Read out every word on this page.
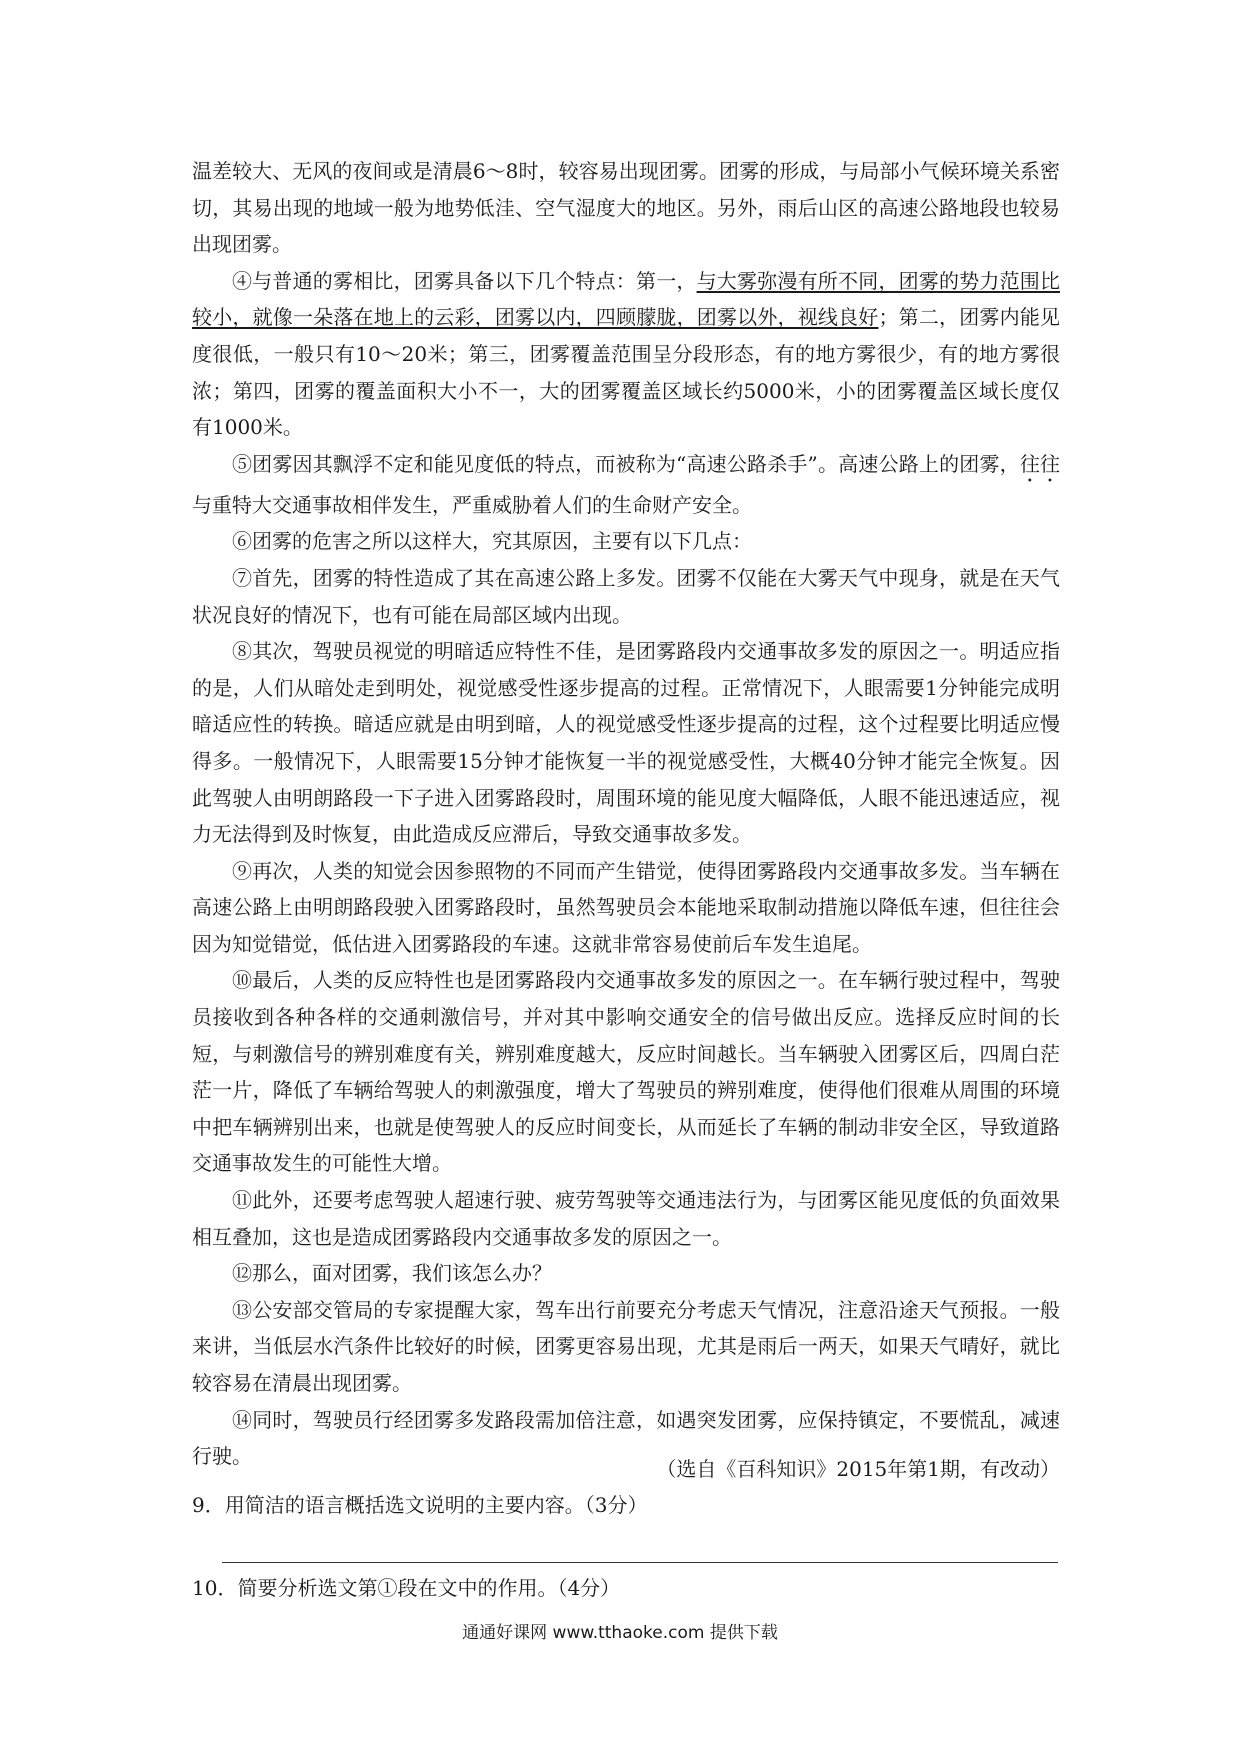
温差较大、无风的夜间或是清晨6～8时，较容易出现团雾。团雾的形成，与局部小气候环境关系密切，其易出现的地域一般为地势低洼、空气湿度大的地区。另外，雨后山区的高速公路地段也较易出现团雾。

④与普通的雾相比，团雾具备以下几个特点：第一，与大雾弥漫有所不同，团雾的势力范围比较小，就像一朵落在地上的云彩，团雾以内，四顾朦胧，团雾以外，视线良好；第二，团雾内能见度很低，一般只有10～20米；第三，团雾覆盖范围呈分段形态，有的地方雾很少，有的地方雾很浓；第四，团雾的覆盖面积大小不一，大的团雾覆盖区域长约5000米，小的团雾覆盖区域长度仅有1000米。

⑤团雾因其飘浮不定和能见度低的特点，而被称为“高速公路杀手”。高速公路上的团雾，往往与重特大交通事故相伴发生，严重威胁着人们的生命财产安全。

⑥团雾的危害之所以这样大，究其原因，主要有以下几点：

⑦首先，团雾的特性造成了其在高速公路上多发。团雾不仅能在大雾天气中现身，就是在天气状况良好的情况下，也有可能在局部区域内出现。

⑧其次，驾驶员视觉的明暗适应特性不佳，是团雾路段内交通事故多发的原因之一。明适应指的是，人们从暗处走到明处，视觉感受性逐步提高的过程。正常情况下，人眼需要1分钟能完成明暗适应性的转换。暗适应就是由明到暗，人的视觉感受性逐步提高的过程，这个过程要比明适应慢得多。一般情况下，人眼需要15分钟才能恢复一半的视觉感受性，大概40分钟才能完全恢复。因此驾驶人由明朗路段一下子进入团雾路段时，周围环境的能见度大幅降低，人眼不能迅速适应，视力无法得到及时恢复，由此造成反应滞后，导致交通事故多发。

⑨再次，人类的知觉会因参照物的不同而产生错觉，使得团雾路段内交通事故多发。当车辆在高速公路上由明朗路段驶入团雾路段时，虽然驾驶员会本能地采取制动措施以降低车速，但往往会因为知觉错觉，低估进入团雾路段的车速。这就非常容易使前后车发生追尾。

⑩最后，人类的反应特性也是团雾路段内交通事故多发的原因之一。在车辆行驶过程中，驾驶员接收到各种各样的交通刺激信号，并对其中影响交通安全的信号做出反应。选择反应时间的长短，与刺激信号的辨别难度有关，辨别难度越大，反应时间越长。当车辆驶入团雾区后，四周白茫茫一片，降低了车辆给驾驶人的刺激强度，增大了驾驶员的辨别难度，使得他们很难从周围的环境中把车辆辨别出来，也就是使驾驶人的反应时间变长，从而延长了车辆的制动非安全区，导致道路交通事故发生的可能性大增。

⑪此外，还要考虑驾驶人超速行驶、疲劳驾驶等交通违法行为，与团雾区能见度低的负面效果相互叠加，这也是造成团雾路段内交通事故多发的原因之一。

⑫那么，面对团雾，我们该怎么办？

⑬公安部交管局的专家提醒大家，驾车出行前要充分考虑天气情况，注意沿途天气预报。一般来讲，当低层水汽条件比较好的时候，团雾更容易出现，尤其是雨后一两天，如果天气晴好，就比较容易在清晨出现团雾。

⑭同时，驾驶员行经团雾多发路段需加倍注意，如遇突发团雾，应保持镇定，不要慌乱，减速行驶。

（选自《百科知识》2015年第1期，有改动）
9．用简洁的语言概括选文说明的主要内容。（3分）
10．简要分析选文第①段在文中的作用。（4分）
通通好课网 www.tthaoke.com 提供下载
